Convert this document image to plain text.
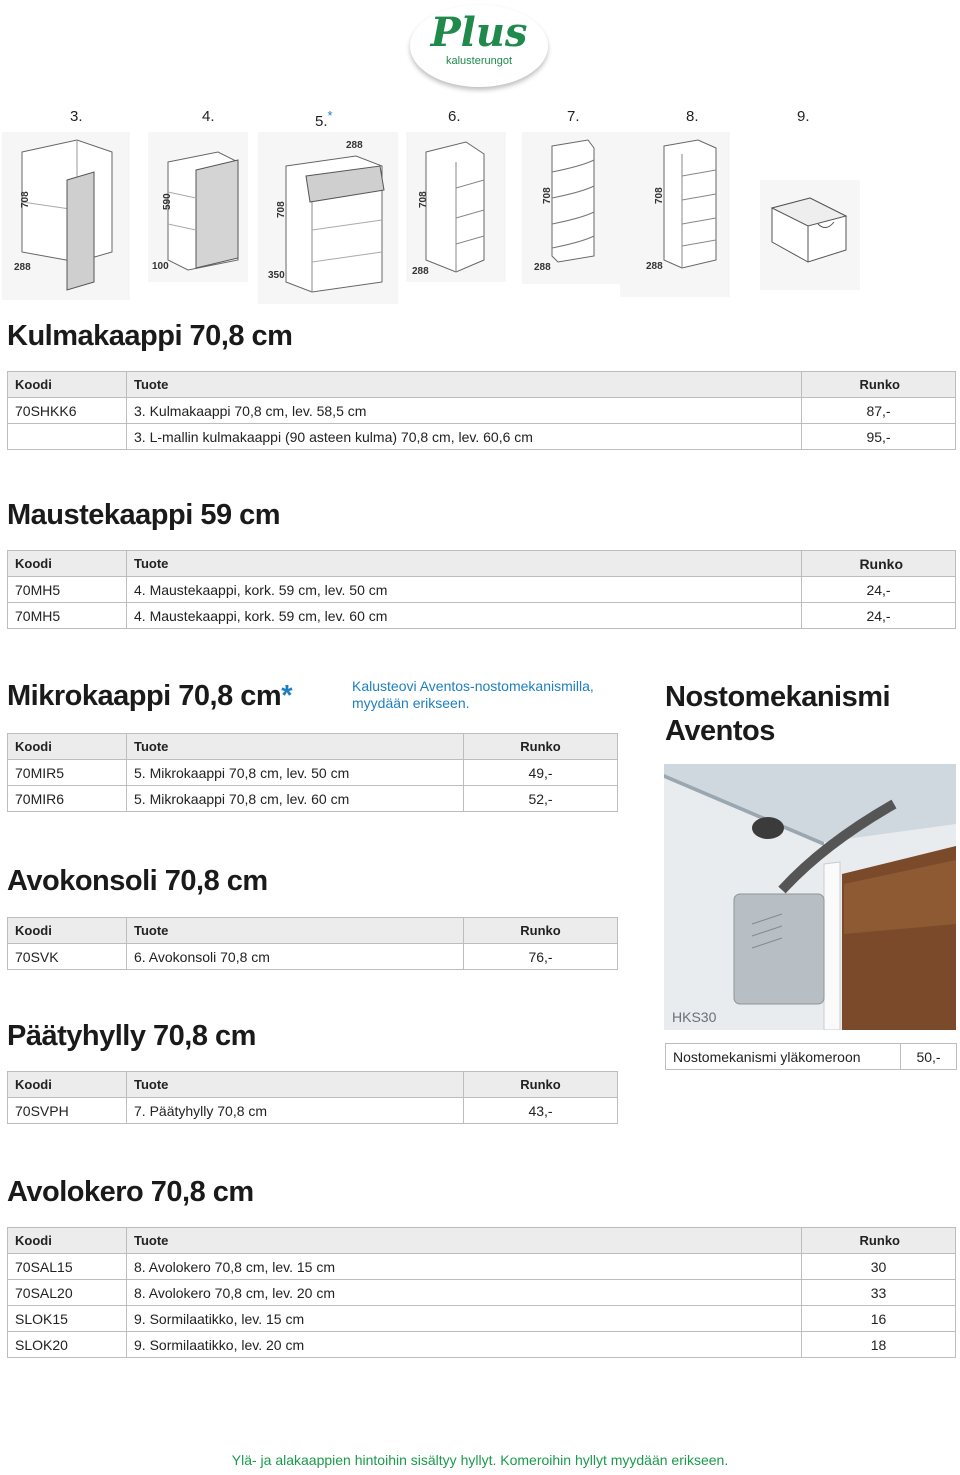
Plus
kalusterungot
3.	4.	5.*	6.	7.	8.	9.
708
288
590
100
288
708
350
708
288
708
288
708
288
Kulmakaappi 70,8 cm
Koodi	Tuote	Runko
70SHKK6	3. Kulmakaappi 70,8 cm, lev. 58,5 cm	87,-
	3. L-mallin kulmakaappi (90 asteen kulma) 70,8 cm, lev. 60,6 cm	95,-
Maustekaappi 59 cm
Koodi	Tuote	Runko
70MH5	4. Maustekaappi, kork. 59 cm, lev. 50 cm	24,-
70MH5	4. Maustekaappi, kork. 59 cm, lev. 60 cm	24,-
Mikrokaappi 70,8 cm*	Kalusteovi Aventos-nostomekanismilla, myydään erikseen.
Koodi	Tuote	Runko
70MIR5	5. Mikrokaappi 70,8 cm, lev. 50 cm	49,-
70MIR6	5. Mikrokaappi 70,8 cm, lev. 60 cm	52,-
Nostomekanismi
Aventos
HKS30
Nostomekanismi yläkomeroon	50,-
Avokonsoli 70,8 cm
Koodi	Tuote	Runko
70SVK	6. Avokonsoli 70,8 cm	76,-
Päätyhylly 70,8 cm
Koodi	Tuote	Runko
70SVPH	7. Päätyhylly 70,8 cm	43,-
Avolokero 70,8 cm
Koodi	Tuote	Runko
70SAL15	8. Avolokero 70,8 cm, lev. 15 cm	30
70SAL20	8. Avolokero 70,8 cm, lev. 20 cm	33
SLOK15	9. Sormilaatikko, lev. 15 cm	16
SLOK20	9. Sormilaatikko, lev. 20 cm	18
Ylä- ja alakaappien hintoihin sisältyy hyllyt. Komeroihin hyllyt myydään erikseen.
